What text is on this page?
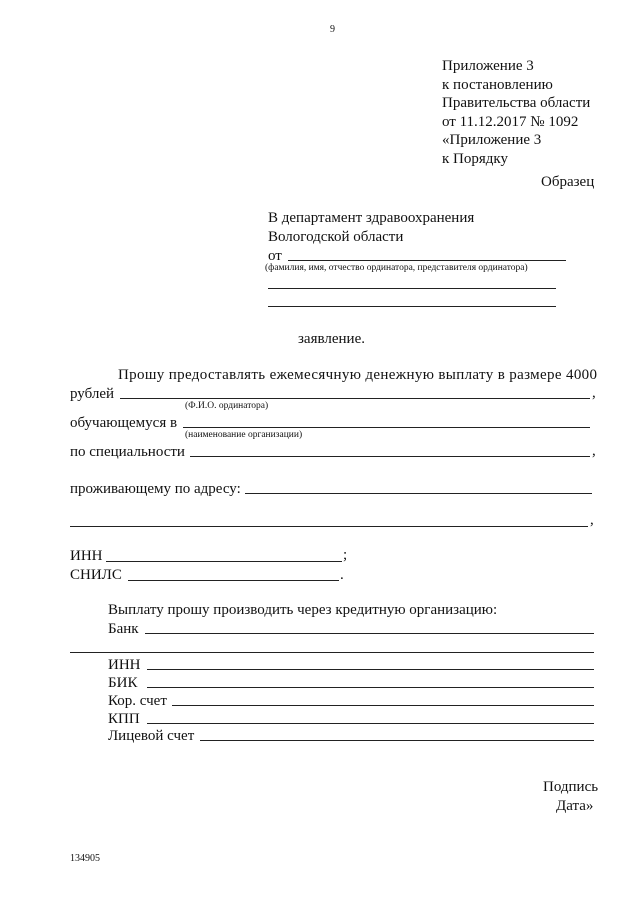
9
Приложение 3
к постановлению
Правительства области
от 11.12.2017 № 1092
«Приложение 3
к Порядку
Образец
В департамент здравоохранения
Вологодской области
от
(фамилия, имя, отчество ординатора, представителя ординатора)
заявление.
Прошу предоставлять ежемесячную денежную выплату в размере 4000
рублей	,
(Ф.И.О. ординатора)
обучающемуся в
(наименование организации)
по специальности	,
проживающему по адресу:
,
ИНН	;
СНИЛС	.
Выплату прошу производить через кредитную организацию:
Банк
ИНН
БИК
Кор. счет
КПП
Лицевой счет
Подпись
Дата»
134905
